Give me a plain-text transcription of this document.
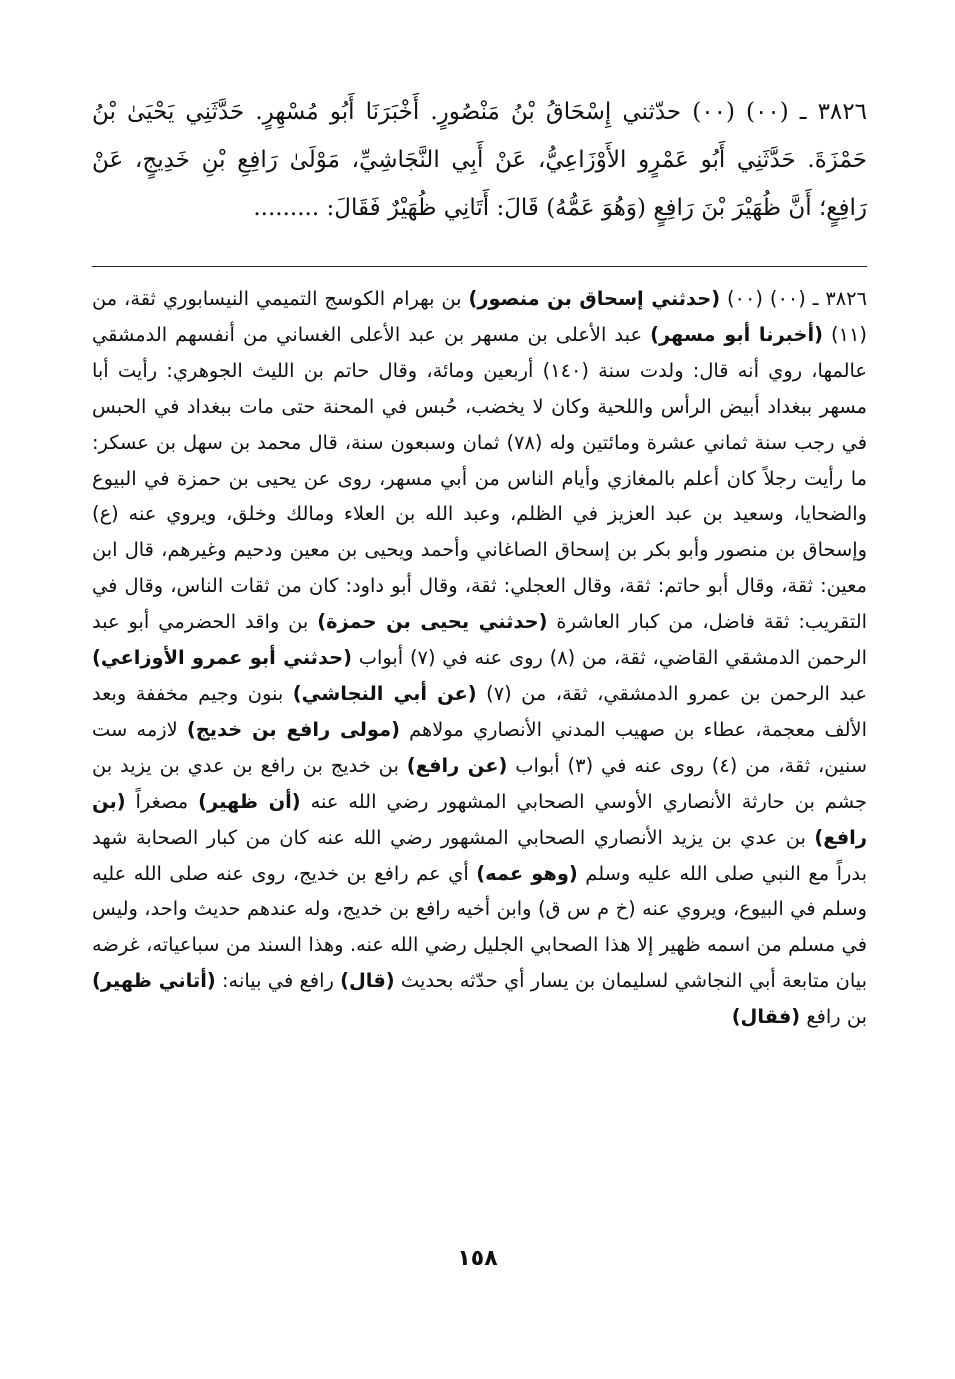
٣٨٢٦ ـ (٠٠) (٠٠) حدّثني إِسْحَاقُ بْنُ مَنْصُورٍ. أَخْبَرَنَا أَبُو مُسْهِرٍ. حَدَّثَنِي يَحْيَىٰ بْنُ حَمْزَةَ. حَدَّثَنِي أَبُو عَمْرٍو الأَوْزَاعِيُّ، عَنْ أَبِي النَّجَاشِيِّ، مَوْلَىٰ رَافِعِ بْنِ خَدِيجٍ، عَنْ رَافِعٍ؛ أَنَّ ظُهَيْرَ بْنَ رَافِعٍ (وَهُوَ عَمُّهُ) قَالَ: أَتَانِي ظُهَيْرٌ فَقَالَ: .........

٣٨٢٦ ـ (٠٠) (٠٠) (حدثني إسحاق بن منصور) بن بهرام الكوسج التميمي النيسابوري ثقة، من (١١) (أخبرنا أبو مسهر) عبد الأعلى بن مسهر بن عبد الأعلى الغساني من أنفسهم الدمشقي عالمها، روي أنه قال: ولدت سنة (١٤٠) أربعين ومائة، وقال حاتم بن الليث الجوهري: رأيت أبا مسهر ببغداد أبيض الرأس واللحية وكان لا يخضب، حُبس في المحنة حتى مات ببغداد في الحبس في رجب سنة ثماني عشرة ومائتين وله (٧٨) ثمان وسبعون سنة، قال محمد بن سهل بن عسكر: ما رأيت رجلاً كان أعلم بالمغازي وأيام الناس من أبي مسهر، روى عن يحيى بن حمزة في البيوع والضحايا، وسعيد بن عبد العزيز في الظلم، وعبد الله بن العلاء ومالك وخلق، ويروي عنه (ع) وإسحاق بن منصور وأبو بكر بن إسحاق الصاغاني وأحمد ويحيى بن معين ودحيم وغيرهم، قال ابن معين: ثقة، وقال أبو حاتم: ثقة، وقال العجلي: ثقة، وقال أبو داود: كان من ثقات الناس، وقال في التقريب: ثقة فاضل، من كبار العاشرة (حدثني يحيى بن حمزة) بن واقد الحضرمي أبو عبد الرحمن الدمشقي القاضي، ثقة، من (٨) روى عنه في (٧) أبواب (حدثني أبو عمرو الأوزاعي) عبد الرحمن بن عمرو الدمشقي، ثقة، من (٧) (عن أبي النجاشي) بنون وجيم مخففة وبعد الألف معجمة، عطاء بن صهيب المدني الأنصاري مولاهم (مولى رافع بن خديج) لازمه ست سنين، ثقة، من (٤) روى عنه في (٣) أبواب (عن رافع) بن خديج بن رافع بن عدي بن يزيد بن جشم بن حارثة الأنصاري الأوسي الصحابي المشهور رضي الله عنه (أن ظهير) مصغراً (بن رافع) بن عدي بن يزيد الأنصاري الصحابي المشهور رضي الله عنه كان من كبار الصحابة شهد بدراً مع النبي صلى الله عليه وسلم (وهو عمه) أي عم رافع بن خديج، روى عنه صلى الله عليه وسلم في البيوع، ويروي عنه (خ م س ق) وابن أخيه رافع بن خديج، وله عندهم حديث واحد، وليس في مسلم من اسمه ظهير إلا هذا الصحابي الجليل رضي الله عنه. وهذا السند من سباعياته، غرضه بيان متابعة أبي النجاشي لسليمان بن يسار أي حدّثه بحديث (قال) رافع في بيانه: (أتاني ظهير) بن رافع (فقال)

١٥٨
